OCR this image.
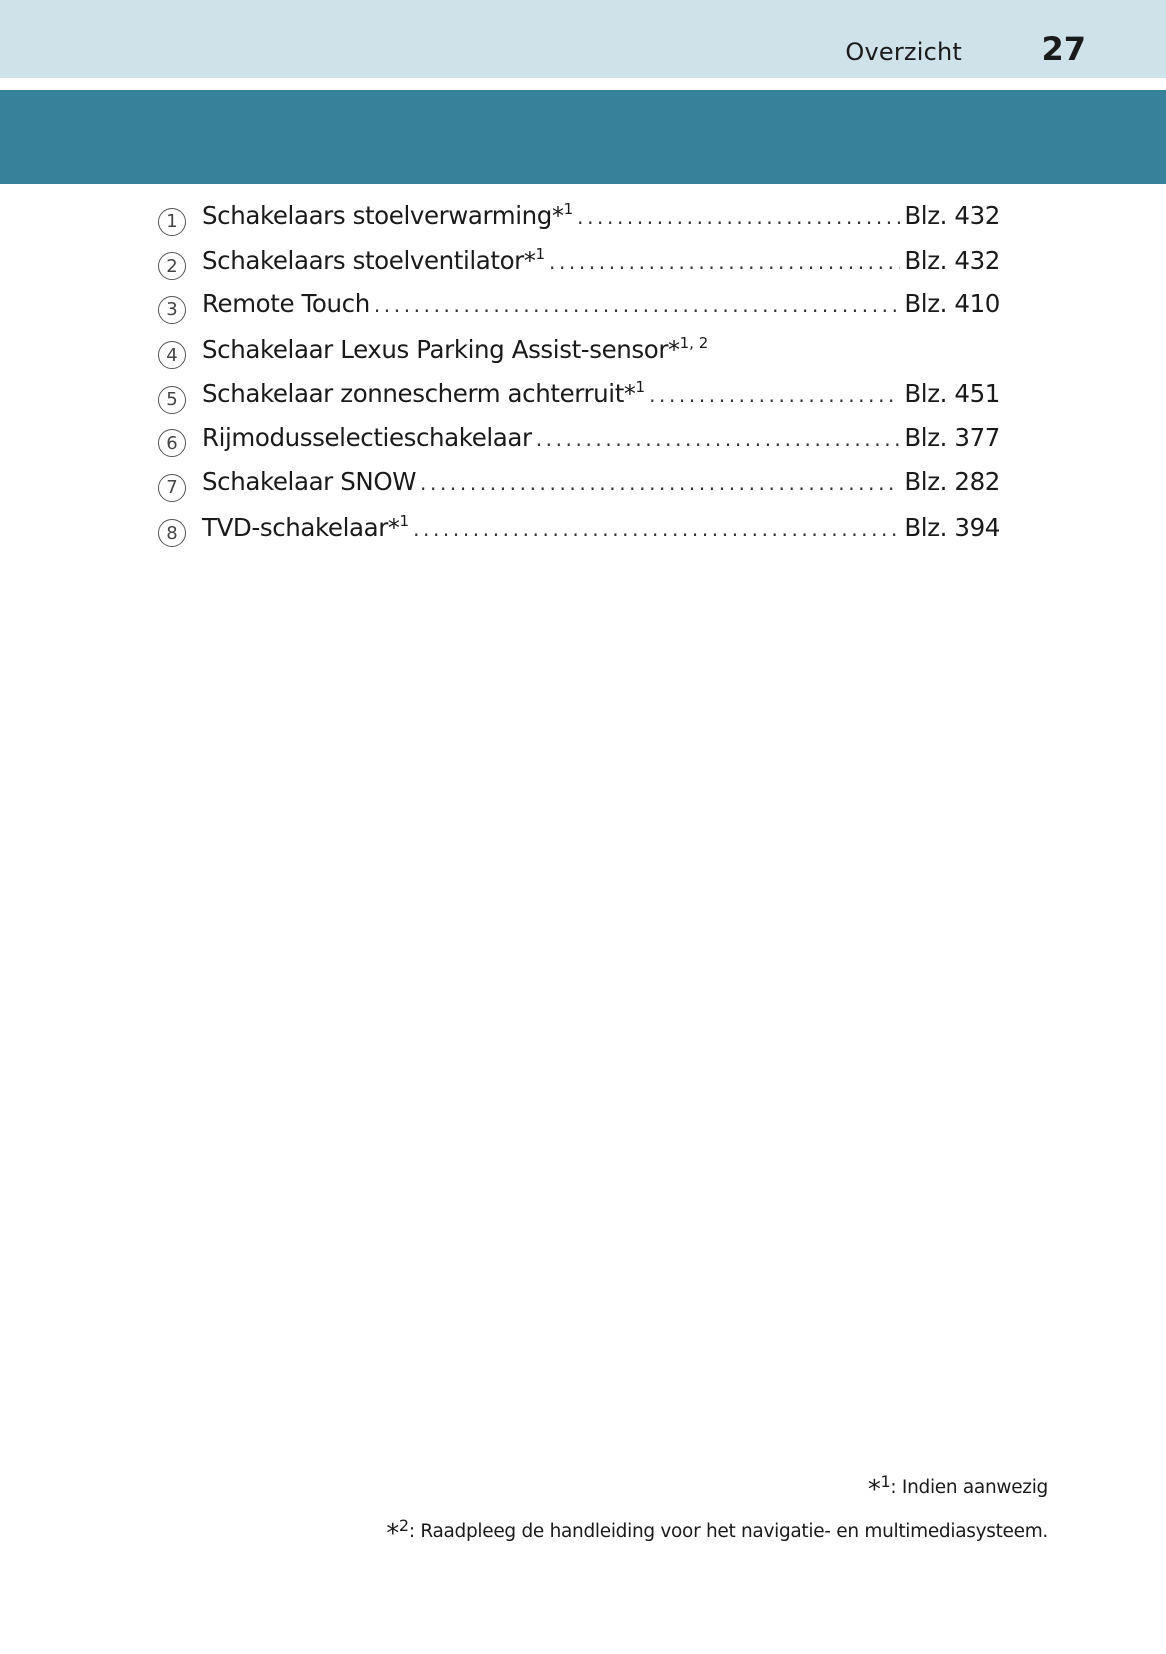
Overzicht 27
1 Schakelaars stoelverwarming*$^1$ .....	Blz. 432
2 Schakelaars stoelventilator*$^1$ .....	Blz. 432
3 Remote Touch .....	Blz. 410
4 Schakelaar Lexus Parking Assist-sensor*$^{1, 2}$
5 Schakelaar zonnescherm achterruit*$^1$ .....	Blz. 451
6 Rijmodusselectieschakelaar .....	Blz. 377
7 Schakelaar SNOW .....	Blz. 282
8 TVD-schakelaar*$^1$ .....	Blz. 394
*1: Indien aanwezig
*2: Raadpleeg de handleiding voor het navigatie- en multimediasysteem.
